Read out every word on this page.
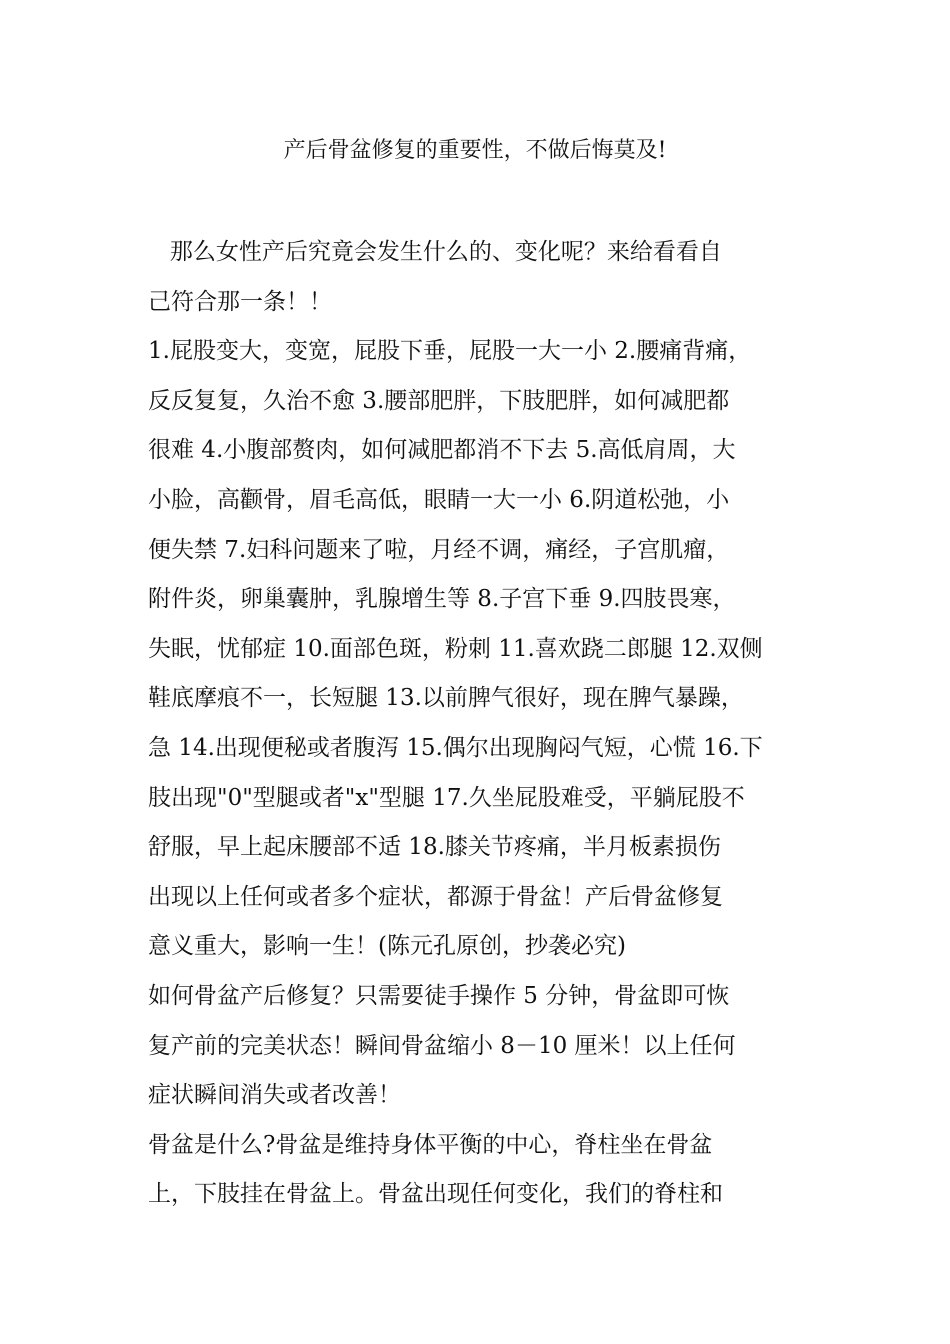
产后骨盆修复的重要性，不做后悔莫及!
那么女性产后究竟会发生什么的、变化呢？来给看看自
己符合那一条！！
1.屁股变大，变宽，屁股下垂，屁股一大一小 2.腰痛背痛，
反反复复，久治不愈 3.腰部肥胖，下肢肥胖，如何减肥都
很难 4.小腹部赘肉，如何减肥都消不下去 5.高低肩周，大
小脸，高颧骨，眉毛高低，眼睛一大一小 6.阴道松弛，小
便失禁 7.妇科问题来了啦，月经不调，痛经，子宫肌瘤，
附件炎，卵巢囊肿，乳腺增生等 8.子宫下垂 9.四肢畏寒，
失眠，忧郁症 10.面部色斑，粉刺 11.喜欢跷二郎腿 12.双侧
鞋底摩痕不一，长短腿 13.以前脾气很好，现在脾气暴躁，
急 14.出现便秘或者腹泻 15.偶尔出现胸闷气短，心慌 16.下
肢出现"0"型腿或者"x"型腿 17.久坐屁股难受，平躺屁股不
舒服，早上起床腰部不适 18.膝关节疼痛，半月板素损伤
出现以上任何或者多个症状，都源于骨盆！产后骨盆修复
意义重大，影响一生！(陈元孔原创，抄袭必究)
如何骨盆产后修复？只需要徒手操作 5 分钟，骨盆即可恢
复产前的完美状态！瞬间骨盆缩小 8－10 厘米！以上任何
症状瞬间消失或者改善！
骨盆是什么?骨盆是维持身体平衡的中心，脊柱坐在骨盆
上，下肢挂在骨盆上。骨盆出现任何变化，我们的脊柱和
